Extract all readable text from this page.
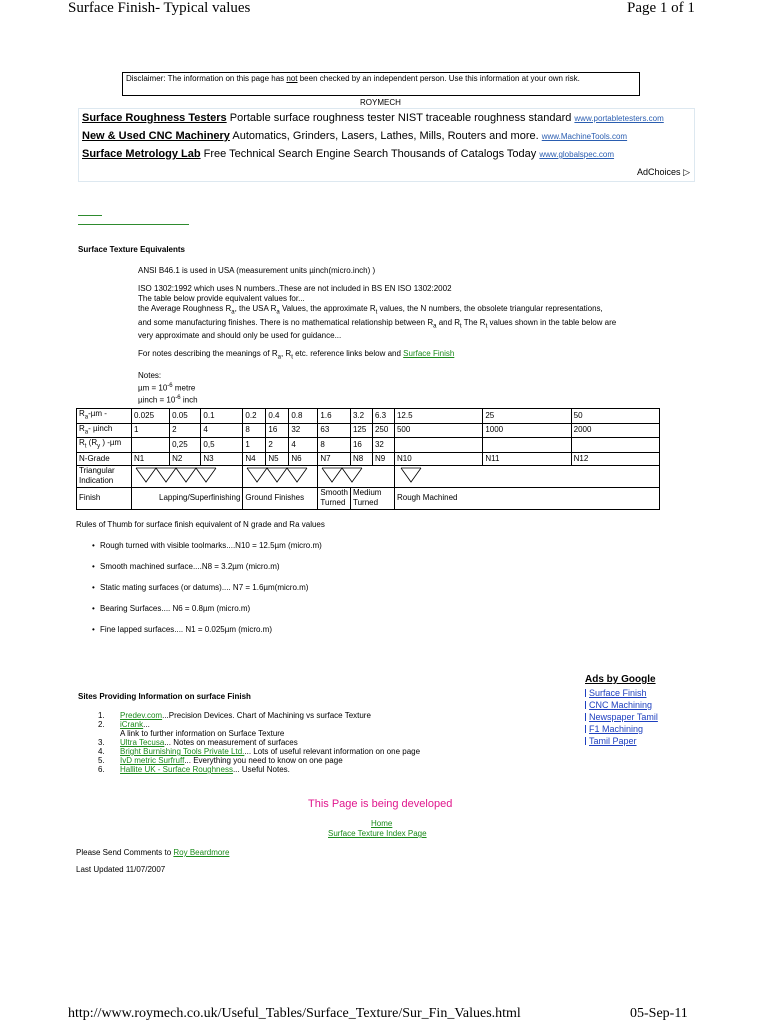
Surface Finish- Typical values	Page 1 of 1
Disclaimer: The information on this page has not been checked by an independent person. Use this information at your own risk.
ROYMECH
Surface Roughness Testers Portable surface roughness tester NIST traceable roughness standard www.portabletesters.com
New & Used CNC Machinery Automatics, Grinders, Lasers, Lathes, Mills, Routers and more. www.MachineTools.com
Surface Metrology Lab Free Technical Search Engine Search Thousands of Catalogs Today www.globalspec.com
AdChoices ▷
Surface Texture Equivalents
ANSI B46.1 is used in USA (measurement units µinch(micro.inch) )
ISO 1302:1992 which uses N numbers..These are not included in BS EN ISO 1302:2002
The table below provide equivalent values for...
the Average Roughness $R_a$, the USA $R_a$ Values, the approximate $R_t$ values, the N numbers, the obsolete triangular representations,
and some manufacturing finishes. There is no mathematical relationship between $R_a$ and $R_t$ The $R_t$ values shown in the table below are
very approximate and should only be used for guidance...
For notes describing the meanings of $R_a$, $R_t$ etc. reference links below and Surface Finish
Notes:
$\mu m = 10^{-6}$ metre
µinch = $10^{-6}$ inch
$R_a-\mu m$ -	0.025	0.05	0.1	0.2	0.4	0.8	1.6	3.2	6.3	12.5	25	50
$R_a-$ µinch	1	2	4	8	16	32	63	125	250	500	1000	2000
$R_t$ ($R_y$ ) -µm		0,25	0,5	1	2	4	8	16	32			
N-Grade	N1	N2	N3	N4	N5	N6	N7	N8	N9	N10	N11	N12
Triangular Indication				
Finish	Lapping/Superfinishing			Ground Finishes			Smooth Turned	Medium Turned		Rough Machined		
Rules of Thumb for surface finish equivalent of N grade and Ra values
• Rough turned with visible toolmarks....N10 = 12.5µm (micro.m)
• Smooth machined surface....N8 = 3.2µm (micro.m)
• Static mating surfaces (or datums).... N7 = 1.6µm(micro.m)
• Bearing Surfaces.... N6 = 0.8µm (micro.m)
• Fine lapped surfaces.... N1 = 0.025µm (micro.m)
Ads by Google
Surface Finish
CNC Machining
Newspaper Tamil
F1 Machining
Tamil Paper
Sites Providing Information on surface Finish
1. Predev.com...Precision Devices. Chart of Machining vs surface Texture
2. iCrank...
A link to further information on Surface Texture
3. Ultra Tecusa... Notes on measurement of surfaces
4. Bright Burnishing Tools Private Ltd.... Lots of useful relevant information on one page
5. IvD metric Surfruff... Everything you need to know on one page
6. Hallite UK - Surface Roughness... Useful Notes.
This Page is being developed
Home
Surface Texture Index Page
Please Send Comments to Roy Beardmore
Last Updated 11/07/2007
http://www.roymech.co.uk/Useful_Tables/Surface_Texture/Sur_Fin_Values.html	05-Sep-11
